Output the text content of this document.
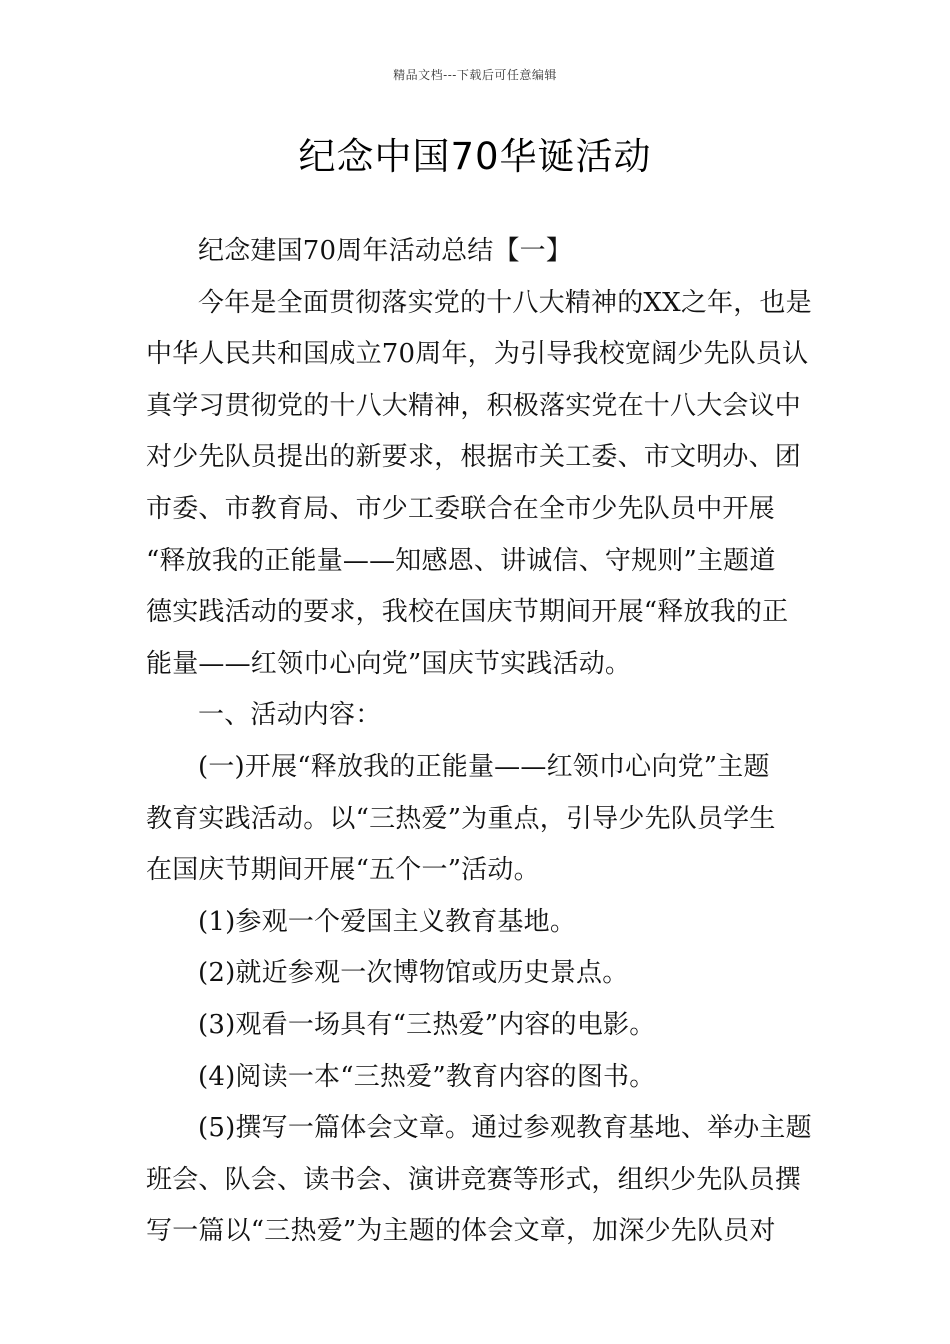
精品文档---下载后可任意编辑
纪念中国70华诞活动
纪念建国70周年活动总结【一】
今年是全面贯彻落实党的十八大精神的XX之年，也是
中华人民共和国成立70周年，为引导我校宽阔少先队员认
真学习贯彻党的十八大精神，积极落实党在十八大会议中
对少先队员提出的新要求，根据市关工委、市文明办、团
市委、市教育局、市少工委联合在全市少先队员中开展
“释放我的正能量——知感恩、讲诚信、守规则”主题道
德实践活动的要求，我校在国庆节期间开展“释放我的正
能量——红领巾心向党”国庆节实践活动。
一、活动内容：
(一)开展“释放我的正能量——红领巾心向党”主题
教育实践活动。以“三热爱”为重点，引导少先队员学生
在国庆节期间开展“五个一”活动。
(1)参观一个爱国主义教育基地。
(2)就近参观一次博物馆或历史景点。
(3)观看一场具有“三热爱”内容的电影。
(4)阅读一本“三热爱”教育内容的图书。
(5)撰写一篇体会文章。通过参观教育基地、举办主题
班会、队会、读书会、演讲竞赛等形式，组织少先队员撰
写一篇以“三热爱”为主题的体会文章，加深少先队员对
